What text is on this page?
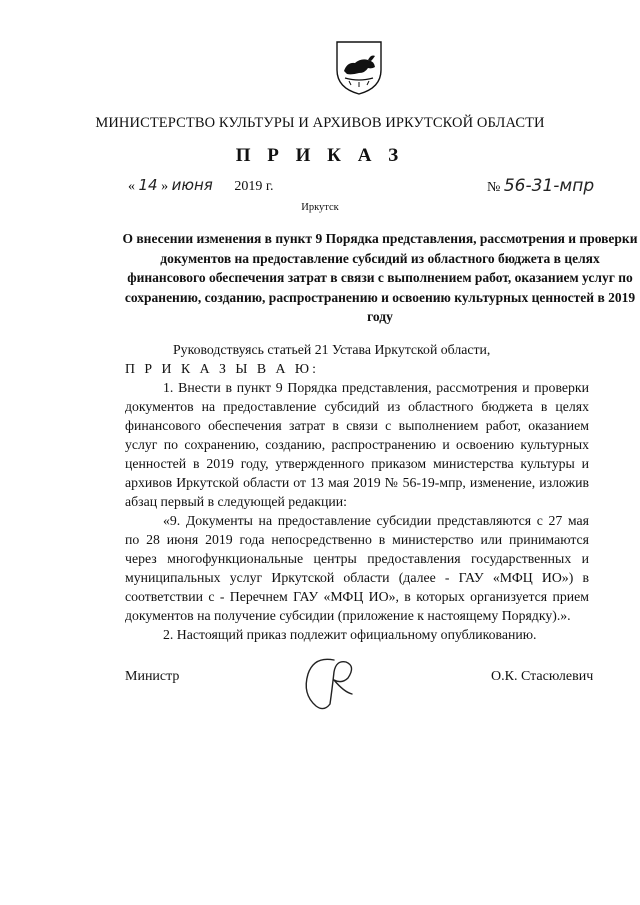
МИНИСТЕРСТВО КУЛЬТУРЫ И АРХИВОВ ИРКУТСКОЙ ОБЛАСТИ
П Р И К А З
« 14 » июня 2019 г.	№ 56-31-мпр
Иркутск
О внесении изменения в пункт 9 Порядка представления, рассмотрения и проверки документов на предоставление субсидий из областного бюджета в целях финансового обеспечения затрат в связи с выполнением работ, оказанием услуг по сохранению, созданию, распространению и освоению культурных ценностей в 2019 году

Руководствуясь статьей 21 Устава Иркутской области,

П Р И К А З Ы В А Ю:

1. Внести в пункт 9 Порядка представления, рассмотрения и проверки документов на предоставление субсидий из областного бюджета в целях финансового обеспечения затрат в связи с выполнением работ, оказанием услуг по сохранению, созданию, распространению и освоению культурных ценностей в 2019 году, утвержденного приказом министерства культуры и архивов Иркутской области от 13 мая 2019 № 56-19-мпр, изменение, изложив абзац первый в следующей редакции:

«9. Документы на предоставление субсидии представляются с 27 мая по 28 июня 2019 года непосредственно в министерство или принимаются через многофункциональные центры предоставления государственных и муниципальных услуг Иркутской области (далее - ГАУ «МФЦ ИО») в соответствии с - Перечнем ГАУ «МФЦ ИО», в которых организуется прием документов на получение субсидии (приложение к настоящему Порядку).».

2. Настоящий приказ подлежит официальному опубликованию.

Министр	О.К. Стасюлевич
